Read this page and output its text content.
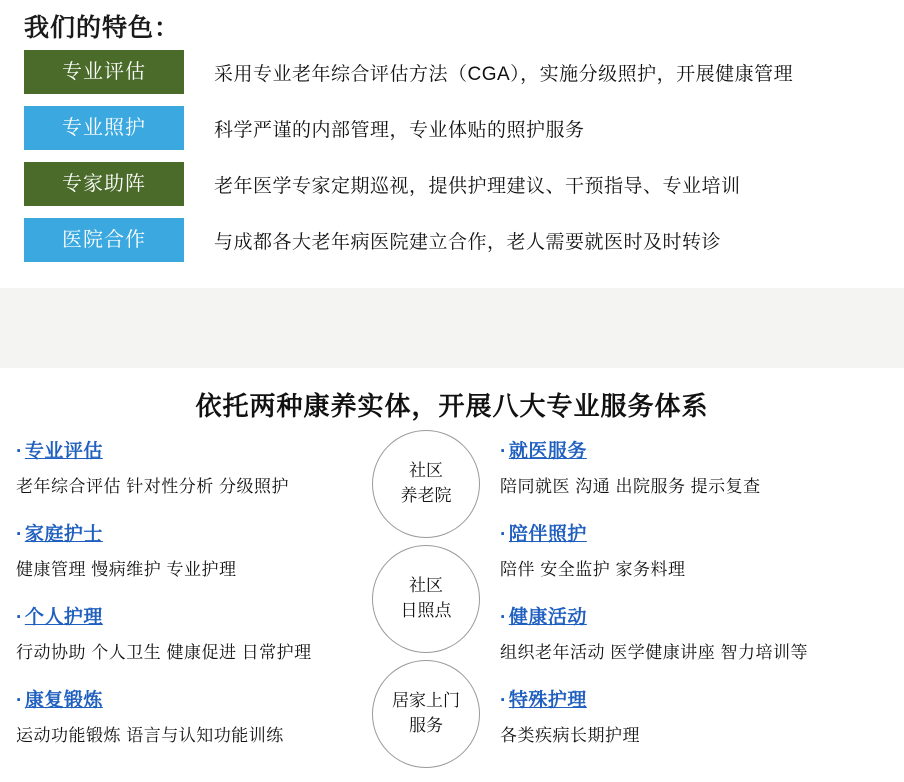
我们的特色：
专业评估	采用专业老年综合评估方法（CGA），实施分级照护，开展健康管理
专业照护	科学严谨的内部管理，专业体贴的照护服务
专家助阵	老年医学专家定期巡视，提供护理建议、干预指导、专业培训
医院合作	与成都各大老年病医院建立合作，老人需要就医时及时转诊
依托两种康养实体，开展八大专业服务体系
· 专业评估
老年综合评估 针对性分析 分级照护
· 家庭护士
健康管理 慢病维护 专业护理
· 个人护理
行动协助 个人卫生 健康促进 日常护理
· 康复锻炼
运动功能锻炼 语言与认知功能训练
· 就医服务
陪同就医 沟通 出院服务 提示复查
· 陪伴照护
陪伴 安全监护 家务料理
· 健康活动
组织老年活动 医学健康讲座 智力培训等
· 特殊护理
各类疾病长期护理
社区
养老院
社区
日照点
居家上门
服务
